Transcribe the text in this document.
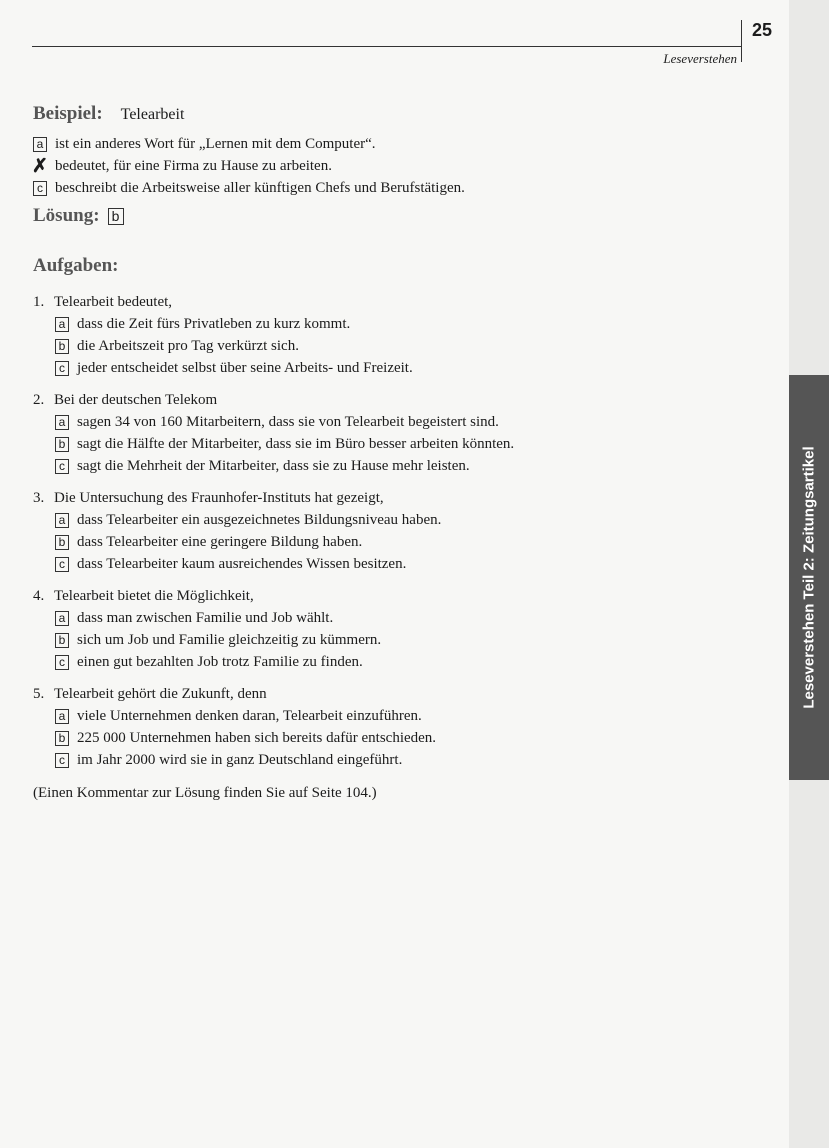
25
Leseverstehen
Leseverstehen Teil 2: Zeitungsartikel
Beispiel: Telearbeit
a ist ein anderes Wort für „Lernen mit dem Computer“.
✗ bedeutet, für eine Firma zu Hause zu arbeiten.
c beschreibt die Arbeitsweise aller künftigen Chefs und Berufstätigen.
Lösung: b
Aufgaben:
1. Telearbeit bedeutet,
a dass die Zeit fürs Privatleben zu kurz kommt.
b die Arbeitszeit pro Tag verkürzt sich.
c jeder entscheidet selbst über seine Arbeits- und Freizeit.
2. Bei der deutschen Telekom
a sagen 34 von 160 Mitarbeitern, dass sie von Telearbeit begeistert sind.
b sagt die Hälfte der Mitarbeiter, dass sie im Büro besser arbeiten könnten.
c sagt die Mehrheit der Mitarbeiter, dass sie zu Hause mehr leisten.
3. Die Untersuchung des Fraunhofer-Instituts hat gezeigt,
a dass Telearbeiter ein ausgezeichnetes Bildungsniveau haben.
b dass Telearbeiter eine geringere Bildung haben.
c dass Telearbeiter kaum ausreichendes Wissen besitzen.
4. Telearbeit bietet die Möglichkeit,
a dass man zwischen Familie und Job wählt.
b sich um Job und Familie gleichzeitig zu kümmern.
c einen gut bezahlten Job trotz Familie zu finden.
5. Telearbeit gehört die Zukunft, denn
a viele Unternehmen denken daran, Telearbeit einzuführen.
b 225 000 Unternehmen haben sich bereits dafür entschieden.
c im Jahr 2000 wird sie in ganz Deutschland eingeführt.
(Einen Kommentar zur Lösung finden Sie auf Seite 104.)
